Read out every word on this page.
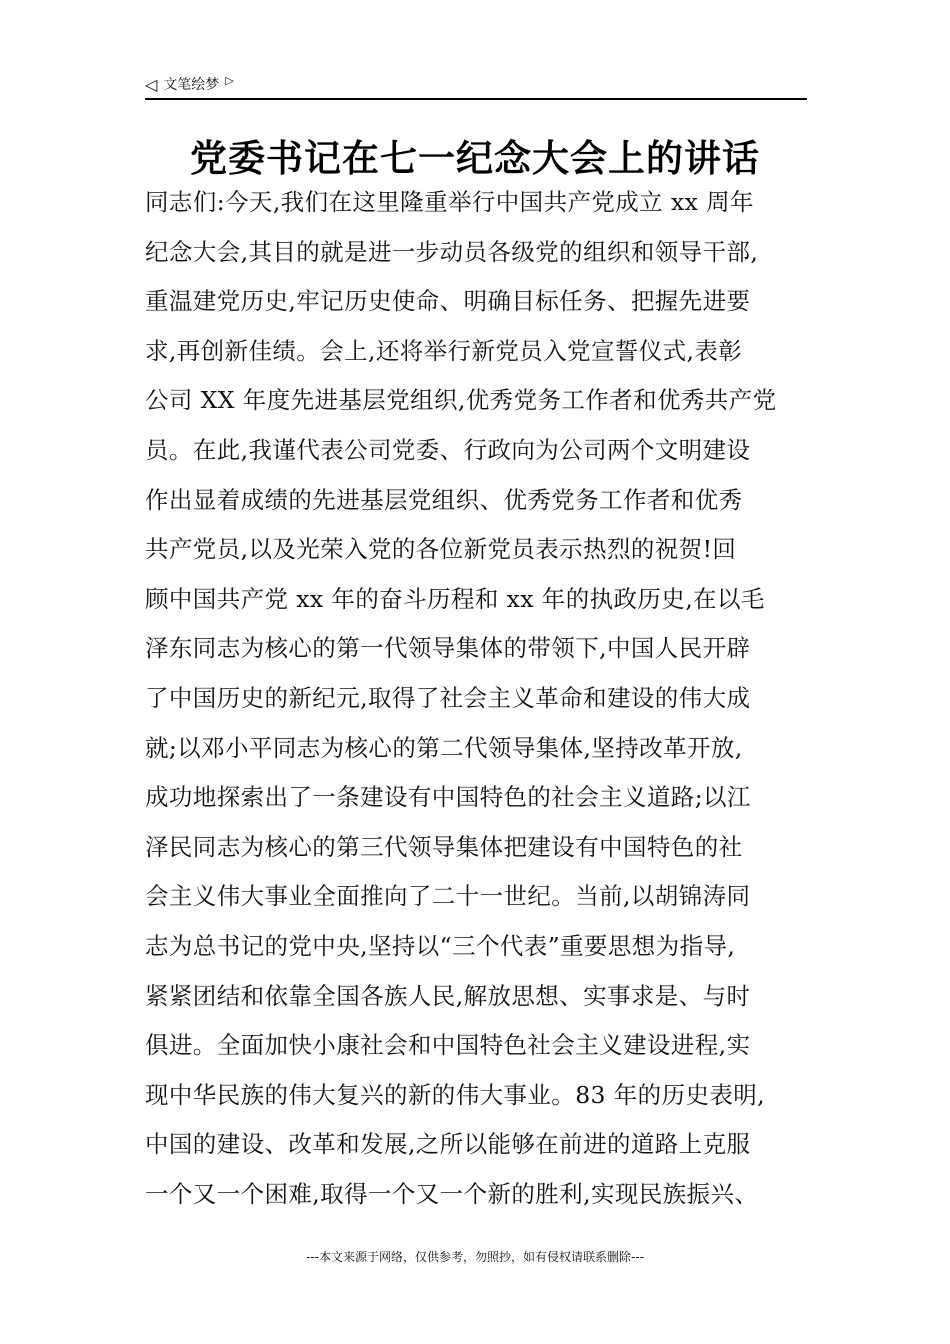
◁ 文笔绘梦 ▷
党委书记在七一纪念大会上的讲话
同志们:今天,我们在这里隆重举行中国共产党成立 xx 周年
纪念大会,其目的就是进一步动员各级党的组织和领导干部,
重温建党历史,牢记历史使命、明确目标任务、把握先进要
求,再创新佳绩。会上,还将举行新党员入党宣誓仪式,表彰
公司 XX 年度先进基层党组织,优秀党务工作者和优秀共产党
员。在此,我谨代表公司党委、行政向为公司两个文明建设
作出显着成绩的先进基层党组织、优秀党务工作者和优秀
共产党员,以及光荣入党的各位新党员表示热烈的祝贺!回
顾中国共产党 xx 年的奋斗历程和 xx 年的执政历史,在以毛
泽东同志为核心的第一代领导集体的带领下,中国人民开辟
了中国历史的新纪元,取得了社会主义革命和建设的伟大成
就;以邓小平同志为核心的第二代领导集体,坚持改革开放,
成功地探索出了一条建设有中国特色的社会主义道路;以江
泽民同志为核心的第三代领导集体把建设有中国特色的社
会主义伟大事业全面推向了二十一世纪。当前,以胡锦涛同
志为总书记的党中央,坚持以“三个代表”重要思想为指导,
紧紧团结和依靠全国各族人民,解放思想、实事求是、与时
俱进。全面加快小康社会和中国特色社会主义建设进程,实
现中华民族的伟大复兴的新的伟大事业。83 年的历史表明,
中国的建设、改革和发展,之所以能够在前进的道路上克服
一个又一个困难,取得一个又一个新的胜利,实现民族振兴、
---本文来源于网络，仅供参考，勿照抄，如有侵权请联系删除---
